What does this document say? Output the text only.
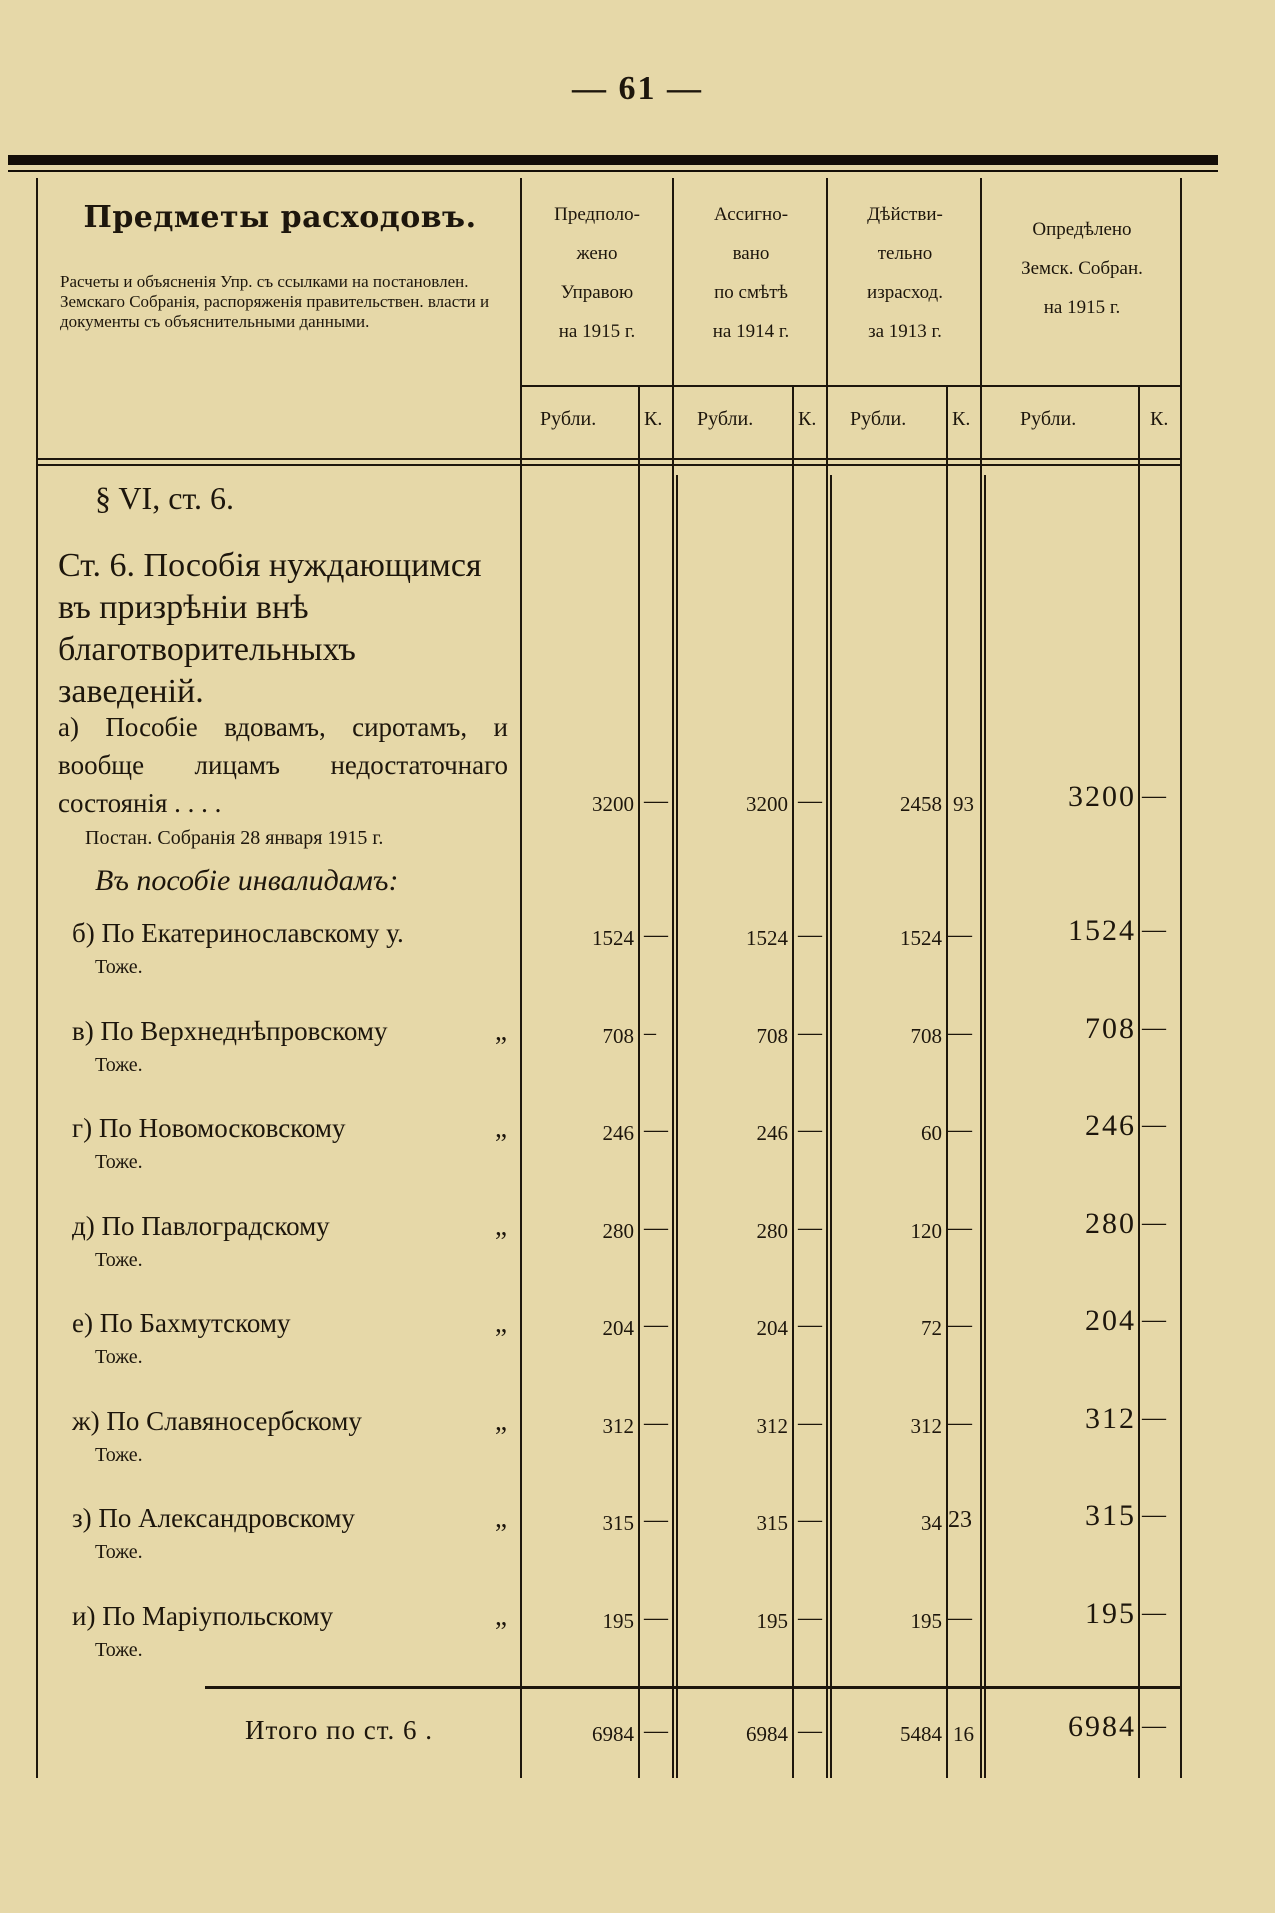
— 61 —
Предметы расходовъ.
Расчеты и объясненія Упр. съ ссылками на постановлен. Земскаго Собранія, распоряженія правительствен. власти и документы съ объяснительными данными.
Предполо-
жено
Управою
на 1915 г.
Ассигно-
вано
по смѣтѣ
на 1914 г.
Дѣйстви-
тельно
израсход.
за 1913 г.
Опредѣлено
Земск. Собран.
на 1915 г.
Рубли. К. Рубли. К. Рубли. К. Рубли.	К.
§ VI, ст. 6.
Ст. 6. Пособія нуждающимся въ призрѣніи внѣ благотворительныхъ заведеній.
а) Пособіе вдовамъ, сиротамъ, и вообще лицамъ недостаточнаго состоянія . . . .
Постан. Собранія 28 января 1915 г.
3200 —	3200 —	2458 93	3200 —
Въ пособіе инвалидамъ:
б) По Екатеринославскому у.
Тоже.
1524 —	1524 —	1524 —	1524 —
в) По Верхнеднѣпровскому	„
Тоже.
708 –	708 —	708 —	708 —
г) По Новомосковскому	„
Тоже.
246 —	246 —	60 —	246 —
д) По Павлоградскому	„
Тоже.
280 —	280 —	120 —	280 —
е) По Бахмутскому	„
Тоже.
204 —	204 —	72 —	204 —
ж) По Славяносербскому	„
Тоже.
312 —	312 —	312 —	312 —
з) По Александровскому	„
Тоже.
315 —	315 —	34 23	315 —
и) По Маріупольскому	„
Тоже.
195 —	195 —	195 —	195 —
Итого по ст. 6 .	6984 —	6984 —	5484 16	6984 —
